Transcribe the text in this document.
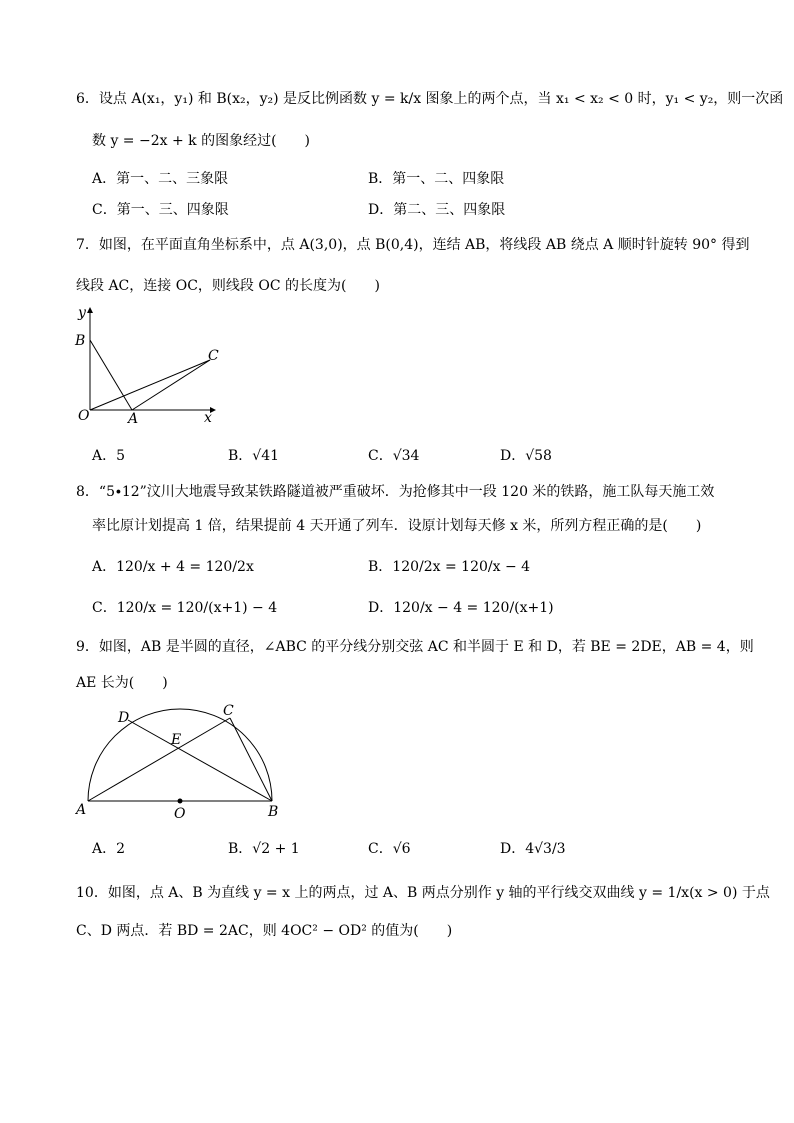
6．设点 A(x₁，y₁) 和 B(x₂，y₂) 是反比例函数 y = k/x 图象上的两个点，当 x₁ < x₂ < 0 时，y₁ < y₂，则一次函
数 y = −2x + k 的图象经过(　　)
A．第一、二、三象限	B．第一、二、四象限
C．第一、三、四象限	D．第二、三、四象限
7．如图，在平面直角坐标系中，点 A(3,0)，点 B(0,4)，连结 AB，将线段 AB 绕点 A 顺时针旋转 90° 得到
线段 AC，连接 OC，则线段 OC 的长度为(　　)
B
C
O	A	x
y
A．5	B．√41	C．√34	D．√58
8．“5∙12”汶川大地震导致某铁路隧道被严重破坏．为抢修其中一段 120 米的铁路，施工队每天施工效
率比原计划提高 1 倍，结果提前 4 天开通了列车．设原计划每天修 x 米，所列方程正确的是(　　)
A．120/x + 4 = 120/2x	B．120/2x = 120/x − 4
C．120/x = 120/(x+1) − 4	D．120/x − 4 = 120/(x+1)
9．如图，AB 是半圆的直径，∠ABC 的平分线分别交弦 AC 和半圆于 E 和 D，若 BE = 2DE，AB = 4，则
AE 长为(　　)
D	C
E
A	O	B
A．2	B．√2 + 1	C．√6	D．4√3/3
10．如图，点 A、B 为直线 y = x 上的两点，过 A、B 两点分别作 y 轴的平行线交双曲线 y = 1/x(x > 0) 于点
C、D 两点．若 BD = 2AC，则 4OC² − OD² 的值为(　　)
